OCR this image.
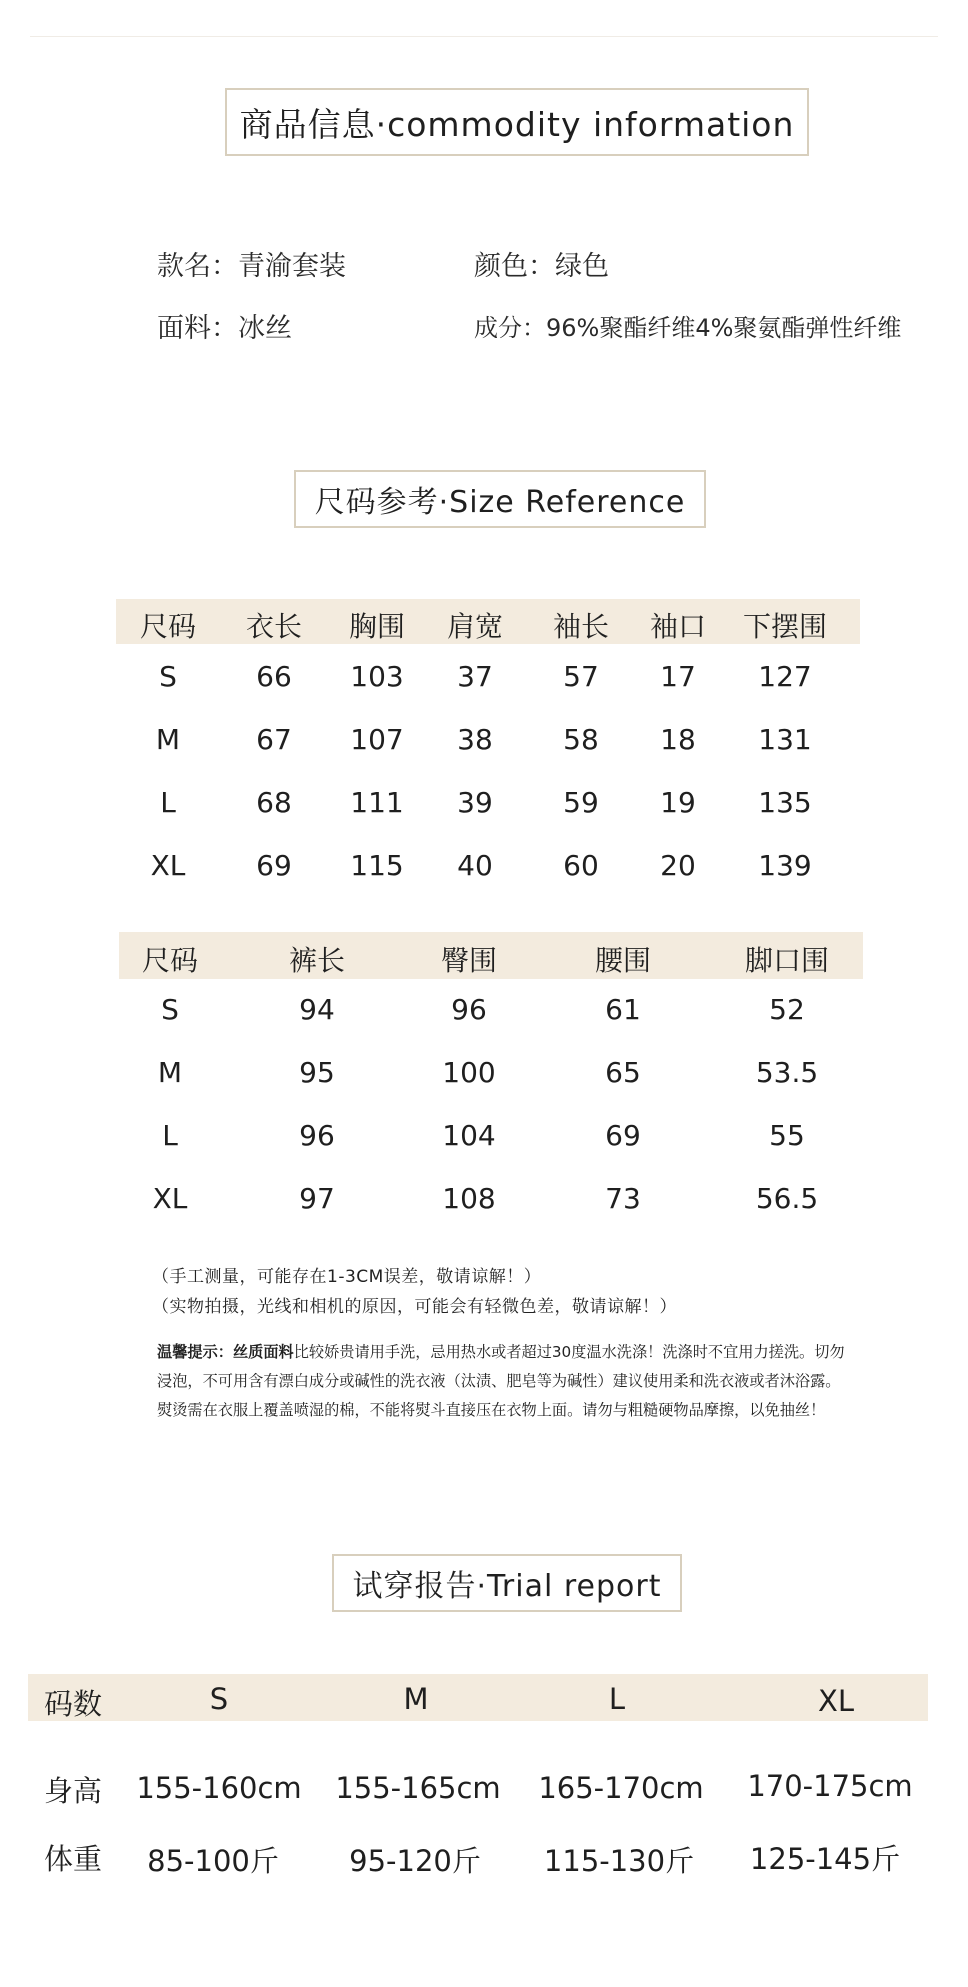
商品信息·commodity information
款名：青渝套装	颜色：绿色
面料：冰丝	成分：96%聚酯纤维4%聚氨酯弹性纤维
尺码参考·Size Reference
尺码 衣长 胸围 肩宽 袖长 袖口 下摆围
S	66 103 37	57 17 127
M	67 107 38	58 18 131
L	68 111 39	59 19 135
XL	69 115 40	60 20 139
尺码	裤长	臀围	腰围	脚口围
S	94	96	61	52
M	95	100	65	53.5
L	96	104	69	55
XL	97	108	73	56.5
（手工测量，可能存在1-3CM误差，敬请谅解！）
（实物拍摄，光线和相机的原因，可能会有轻微色差，敬请谅解！）
温馨提示：丝质面料比较娇贵请用手洗，忌用热水或者超过30度温水洗涤！洗涤时不宜用力搓洗。切勿浸泡，不可用含有漂白成分或碱性的洗衣液（汰渍、肥皂等为碱性）建议使用柔和洗衣液或者沐浴露。熨烫需在衣服上覆盖喷湿的棉，不能将熨斗直接压在衣物上面。请勿与粗糙硬物品摩擦，以免抽丝！
试穿报告·Trial report
码数	S	M	L	XL
身高 155-160cm 155-165cm 165-170cm 170-175cm
体重 85-100斤 95-120斤 115-130斤 125-145斤
